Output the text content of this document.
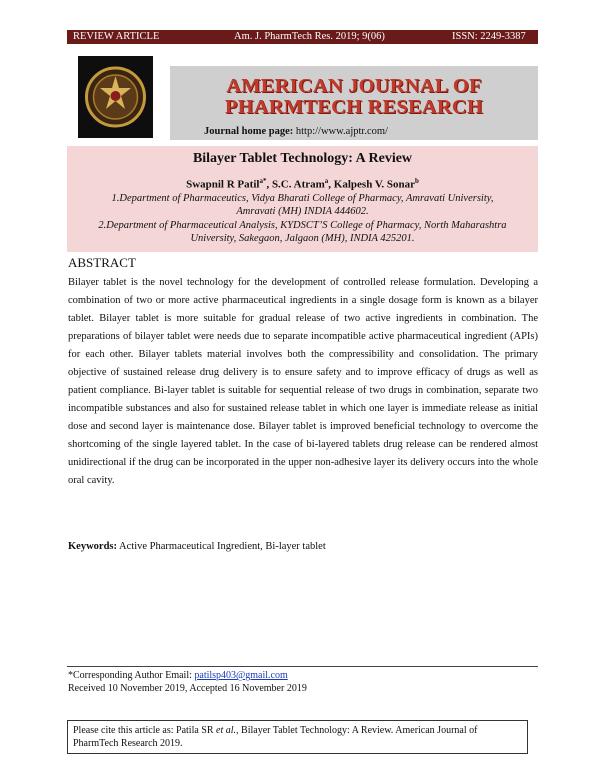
REVIEW ARTICLE	Am. J. PharmTech Res. 2019; 9(06)	ISSN: 2249-3387
AMERICAN JOURNAL OF
PHARMTECH RESEARCH
Journal home page: http://www.ajptr.com/
Bilayer Tablet Technology: A Review
Swapnil R Patil$^{a*}$, S.C. Atram$^a$, Kalpesh V. Sonar$^b$
1.Department of Pharmaceutics, Vidya Bharati College of Pharmacy, Amravati University,
Amravati (MH) INDIA 444602.
2.Department of Pharmaceutical Analysis, KYDSCT’S College of Pharmacy, North Maharashtra
University, Sakegaon, Jalgaon (MH), INDIA 425201.
ABSTRACT

Bilayer tablet is the novel technology for the development of controlled release formulation. Developing a combination of two or more active pharmaceutical ingredients in a single dosage form is known as a bilayer tablet. Bilayer tablet is more suitable for gradual release of two active ingredients in combination. The preparations of bilayer tablet were needs due to separate incompatible active pharmaceutical ingredient (APIs) for each other. Bilayer tablets material involves both the compressibility and consolidation. The primary objective of sustained release drug delivery is to ensure safety and to improve efficacy of drugs as well as patient compliance. Bi-layer tablet is suitable for sequential release of two drugs in combination, separate two incompatible substances and also for sustained release tablet in which one layer is immediate release as initial dose and second layer is maintenance dose. Bilayer tablet is improved beneficial technology to overcome the shortcoming of the single layered tablet. In the case of bi-layered tablets drug release can be rendered almost unidirectional if the drug can be incorporated in the upper non-adhesive layer its delivery occurs into the whole oral cavity.

Keywords: Active Pharmaceutical Ingredient, Bi-layer tablet
*Corresponding Author Email: patilsp403@gmail.com
Received 10 November 2019, Accepted 16 November 2019
Please cite this article as: Patila SR et al., Bilayer Tablet Technology: A Review. American Journal of PharmTech Research 2019.
